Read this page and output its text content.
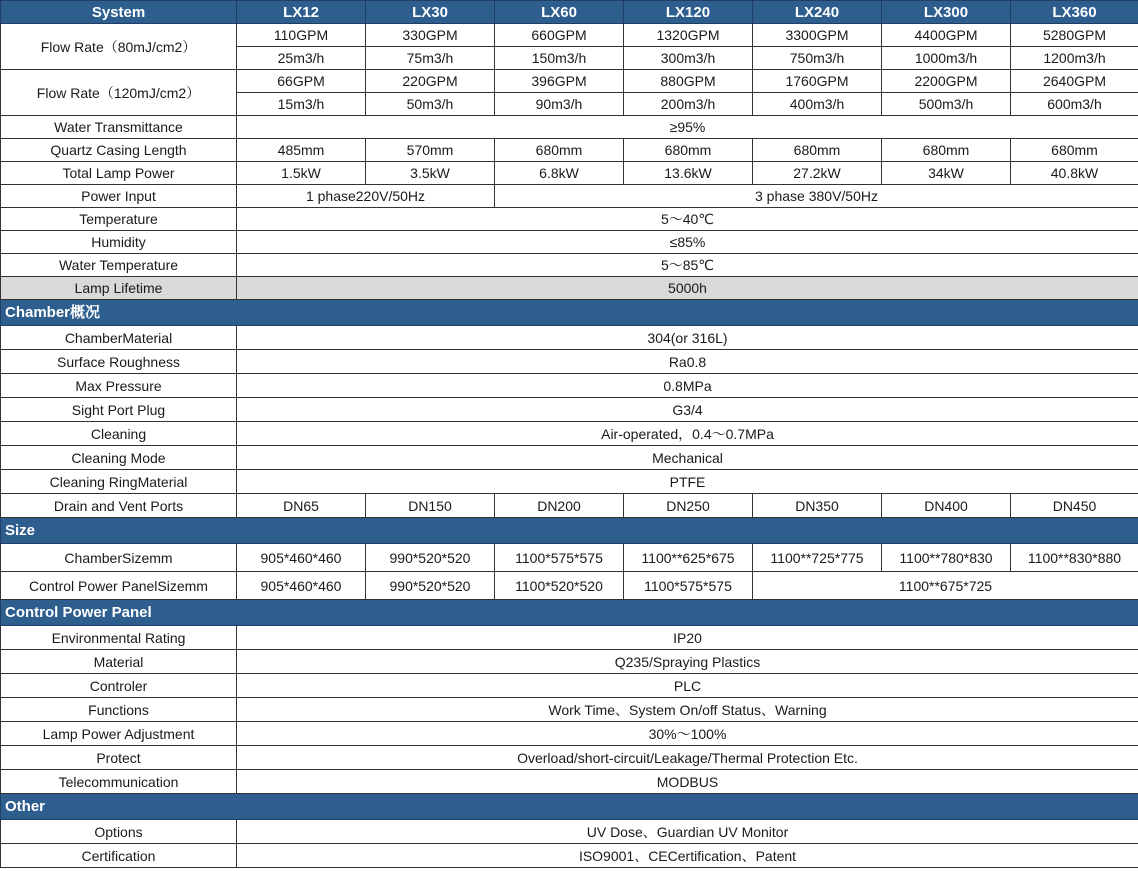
System	LX12	LX30	LX60	LX120	LX240	LX300	LX360
Flow Rate（80mJ/cm2）	110GPM	330GPM	660GPM	1320GPM	3300GPM	4400GPM	5280GPM
	25m3/h	75m3/h	150m3/h	300m3/h	750m3/h	1000m3/h	1200m3/h
Flow Rate（120mJ/cm2）	66GPM	220GPM	396GPM	880GPM	1760GPM	2200GPM	2640GPM
	15m3/h	50m3/h	90m3/h	200m3/h	400m3/h	500m3/h	600m3/h
Water Transmittance	≥95%						
Quartz Casing Length	485mm	570mm	680mm	680mm	680mm	680mm	680mm
Total Lamp Power	1.5kW	3.5kW	6.8kW	13.6kW	27.2kW	34kW	40.8kW
Power Input	1 phase220V/50Hz		3 phase 380V/50Hz				
Temperature	5～40℃						
Humidity	≤85%						
Water Temperature	5～85℃						
Lamp Lifetime	5000h						
Chamber概况							
ChamberMaterial	304(or 316L)						
Surface Roughness	Ra0.8						
Max Pressure	0.8MPa						
Sight Port Plug	G3/4						
Cleaning	Air-operated，0.4～0.7MPa						
Cleaning Mode	Mechanical						
Cleaning RingMaterial	PTFE						
Drain and Vent Ports	DN65	DN150	DN200	DN250	DN350	DN400	DN450
Size							
ChamberSizemm	905*460*460	990*520*520	1100*575*575	1100**625*675	1100**725*775	1100**780*830	1100**830*880
Control Power PanelSizemm	905*460*460	990*520*520	1100*520*520	1100*575*575	1100**675*725		
Control Power Panel							
Environmental Rating	IP20						
Material	Q235/Spraying Plastics						
Controler	PLC						
Functions	Work Time、System On/off Status、Warning						
Lamp Power Adjustment	30%～100%						
Protect	Overload/short-circuit/Leakage/Thermal Protection Etc.						
Telecommunication	MODBUS						
Other							
Options	UV Dose、Guardian UV Monitor						
Certification	ISO9001、CECertification、Patent						
